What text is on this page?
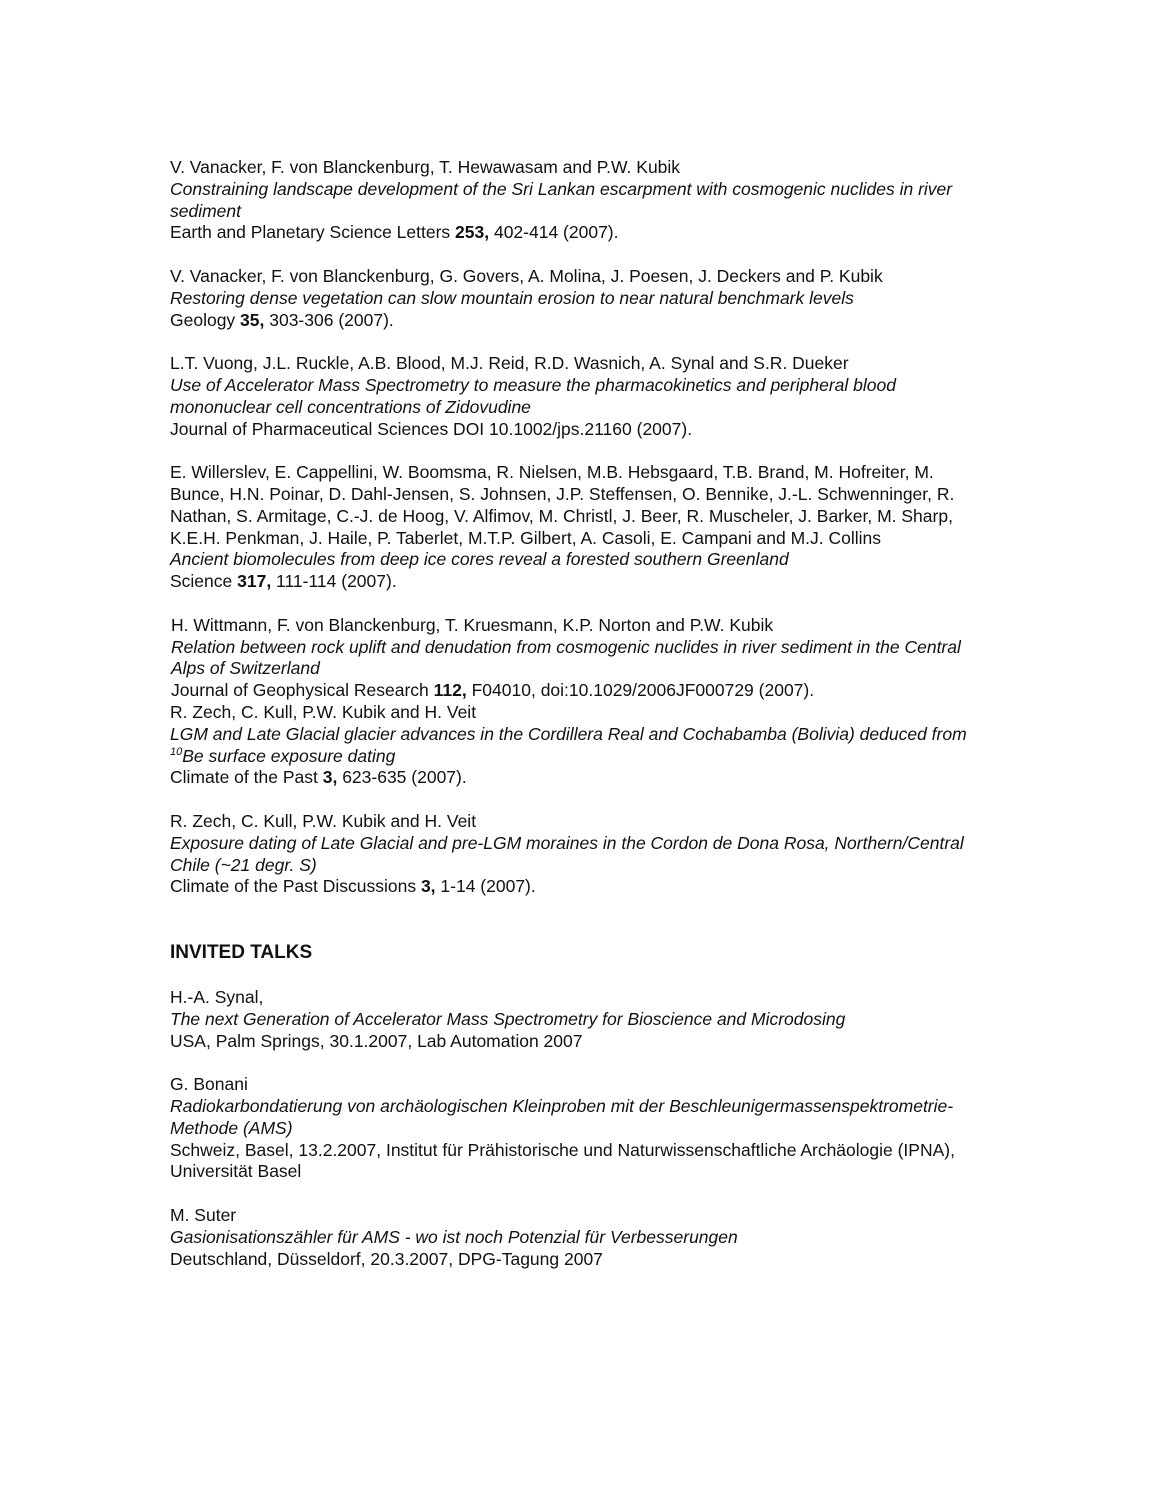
V. Vanacker, F. von Blanckenburg, T. Hewawasam and P.W. Kubik
Constraining landscape development of the Sri Lankan escarpment with cosmogenic nuclides in river sediment
Earth and Planetary Science Letters 253, 402-414 (2007).
V. Vanacker, F. von Blanckenburg, G. Govers, A. Molina, J. Poesen, J. Deckers and P. Kubik
Restoring dense vegetation can slow mountain erosion to near natural benchmark levels
Geology 35, 303-306 (2007).
L.T. Vuong, J.L. Ruckle, A.B. Blood, M.J. Reid, R.D. Wasnich, A. Synal and S.R. Dueker
Use of Accelerator Mass Spectrometry to measure the pharmacokinetics and peripheral blood mononuclear cell concentrations of Zidovudine
Journal of Pharmaceutical Sciences DOI 10.1002/jps.21160 (2007).
E. Willerslev, E. Cappellini, W. Boomsma, R. Nielsen, M.B. Hebsgaard, T.B. Brand, M. Hofreiter, M. Bunce, H.N. Poinar, D. Dahl-Jensen, S. Johnsen, J.P. Steffensen, O. Bennike, J.-L. Schwenninger, R. Nathan, S. Armitage, C.-J. de Hoog, V. Alfimov, M. Christl, J. Beer, R. Muscheler, J. Barker, M. Sharp, K.E.H. Penkman, J. Haile, P. Taberlet, M.T.P. Gilbert, A. Casoli, E. Campani and M.J. Collins
Ancient biomolecules from deep ice cores reveal a forested southern Greenland
Science 317, 111-114 (2007).
H. Wittmann, F. von Blanckenburg, T. Kruesmann, K.P. Norton and P.W. Kubik
Relation between rock uplift and denudation from cosmogenic nuclides in river sediment in the Central Alps of Switzerland
Journal of Geophysical Research 112, F04010, doi:10.1029/2006JF000729 (2007).
R. Zech, C. Kull, P.W. Kubik and H. Veit
LGM and Late Glacial glacier advances in the Cordillera Real and Cochabamba (Bolivia) deduced from $^{10}$Be surface exposure dating
Climate of the Past 3, 623-635 (2007).
R. Zech, C. Kull, P.W. Kubik and H. Veit
Exposure dating of Late Glacial and pre-LGM moraines in the Cordon de Dona Rosa, Northern/Central Chile (~21 degr. S)
Climate of the Past Discussions 3, 1-14 (2007).
INVITED TALKS
H.-A. Synal,
The next Generation of Accelerator Mass Spectrometry for Bioscience and Microdosing
USA, Palm Springs, 30.1.2007, Lab Automation 2007
G. Bonani
Radiokarbondatierung von archäologischen Kleinproben mit der Beschleunigermassenspektrometrie-Methode (AMS)
Schweiz, Basel, 13.2.2007, Institut für Prähistorische und Naturwissenschaftliche Archäologie (IPNA), Universität Basel
M. Suter
Gasionisationszähler für AMS - wo ist noch Potenzial für Verbesserungen
Deutschland, Düsseldorf, 20.3.2007, DPG-Tagung 2007
